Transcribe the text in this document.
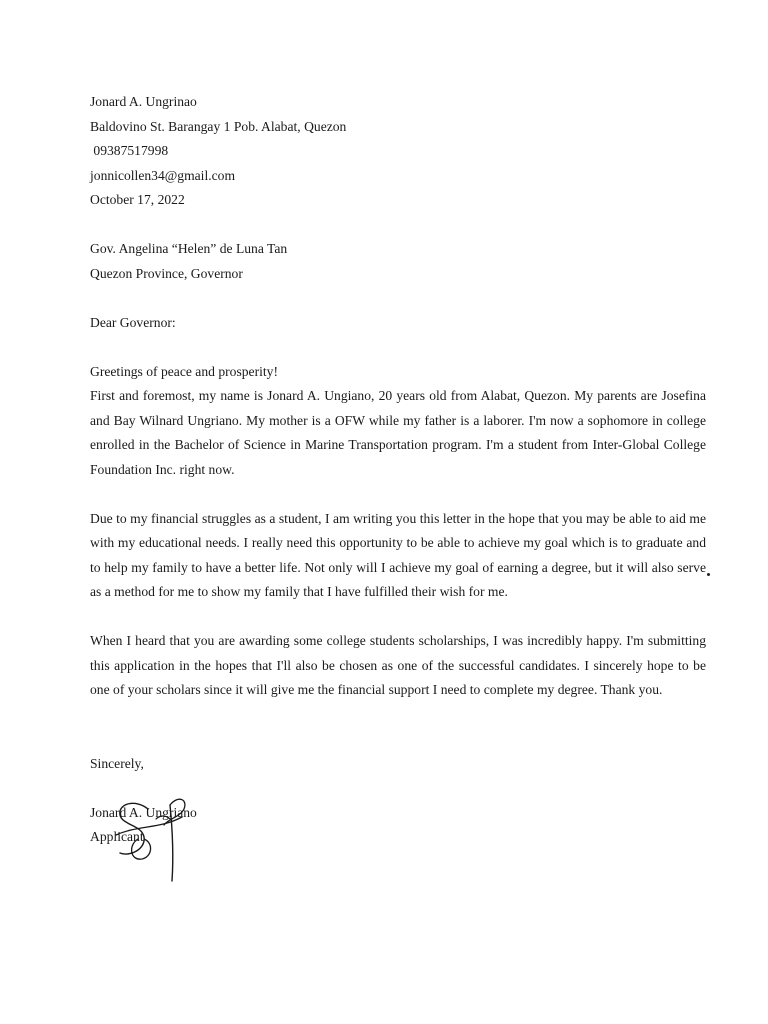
Jonard A. Ungrinao
Baldovino St. Barangay 1 Pob. Alabat, Quezon
09387517998
jonnicollen34@gmail.com
October 17, 2022
Gov. Angelina “Helen” de Luna Tan
Quezon Province, Governor
Dear Governor:
Greetings of peace and prosperity!

First and foremost, my name is Jonard A. Ungiano, 20 years old from Alabat, Quezon. My parents are Josefina and Bay Wilnard Ungriano. My mother is a OFW while my father is a laborer. I'm now a sophomore in college enrolled in the Bachelor of Science in Marine Transportation program. I'm a student from Inter-Global College Foundation Inc. right now.

Due to my financial struggles as a student, I am writing you this letter in the hope that you may be able to aid me with my educational needs. I really need this opportunity to be able to achieve my goal which is to graduate and to help my family to have a better life. Not only will I achieve my goal of earning a degree, but it will also serve as a method for me to show my family that I have fulfilled their wish for me.

When I heard that you are awarding some college students scholarships, I was incredibly happy. I'm submitting this application in the hopes that I'll also be chosen as one of the successful candidates. I sincerely hope to be one of your scholars since it will give me the financial support I need to complete my degree. Thank you.

Sincerely,
Jonard A. Ungriano
Applicant
